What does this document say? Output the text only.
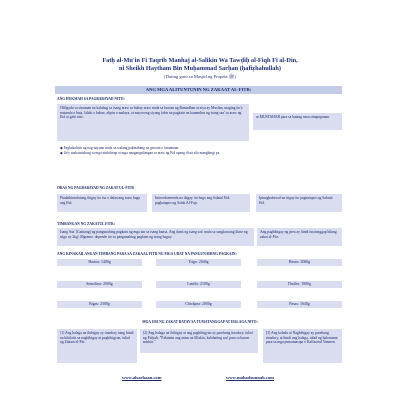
Fatḥ al-Mu'in Fi Taqrib Manhaj al-Salikin Wa Tawḍiḥ al-Fiqh Fi al-Din,
ni Sheikh Haytham Bin Muḥammad Sarḥan (ḥafiẓhahullah)
(Dating guro sa Masjid ng Propeta ﷺ)
ANG MGA ALITUNTUNIN NG ZAKAAT AL-FITR:
ANG HUKMAH SA PAGBABAYAD NITO:
Obligado sa sinuman na kalahug sa isang araw sa buhay araw mula sa buwan ng Ramadhan at siya ay Muslim, maging ito'y matanda o bata, lalaki o babae, alipin o malaya, at mayroong siyang labis na pagkain na kanambas ng isang saa' sa araw ng Eid at gabi nito.	at MUSTAHAB para sa batang nasa sinapupunan.
◆ Pagkakalinis ng nag-aayuno mula sa walang pakinabang na gawain o kasamaan.
◆ Ito'y makatutulong sa mga mahihirap at mga nangangailangan sa araw ng Eid upang di na sila manghingi pa.
ORAS NG PAGBABAYAD NG ZAKAT UL-FITR
Pinahihintulutang ibigay ito isa o dalawang araw bago ang Eid.
Inirerekomenda na ibigay ito bago ang Salatul Eid, pagkatapos ng Salah Al-Fajr.
Ipinagbabawal na itigay ito pagkatapos ng Salatul Eid.
TIMBANGAN NG ZAKATUL FITR:
Isang Saa' (Gantang) ng pangunahing pagkain ng mga tao sa isang bansa. Ang dami ng isang saa' mula sa sangkawang klase ng trigo ay 2kg/ 40gramo. depende ito sa pangunahing pagkain ng isang bagay.
Ang pagbibigay ng pera ay hindi tinatanggap bilang zakat al-Fitr.
ANG KINAKAILANGAN TIMBANG PARA SA ZAKAAL FITR NG MGA URAT NA PANGUNAHING PAGKAIN:
Harina: 1400g	Trigo: 2040g	Beans: 2060g
Semolina: 2000g	Lentils: 2100g	Datiles: 1800g
Bigas: 2300g	Chickpea: 2000g	Pasas: 1640g
MGA URI NG ZAKAT BATAY SA TUMATANGGAP AT HALAGA NITO:
[1] Ang halaga na ibibigay ay tinadory nang hindi na kikilatis sa nagbibigay at pagbibigyan, tulad ng Zakaat al-Fitr.
[2] Ang halaga na ibibigay at ang pagbibigyan ay parehong tinadory, tulad ng Fidyah: "Pakainin ang antas na Miskin, kalahating saa' para sa bawat miskin."
[3] Ang kaladu at Nagbibigay ay parehong tinadory, at hindi ang halaga, tulad ng halorumat para sa mga pumamasipa o Kaffaratul Yameen.
www.alsarhaan.com	www.mahadsunnah.com
